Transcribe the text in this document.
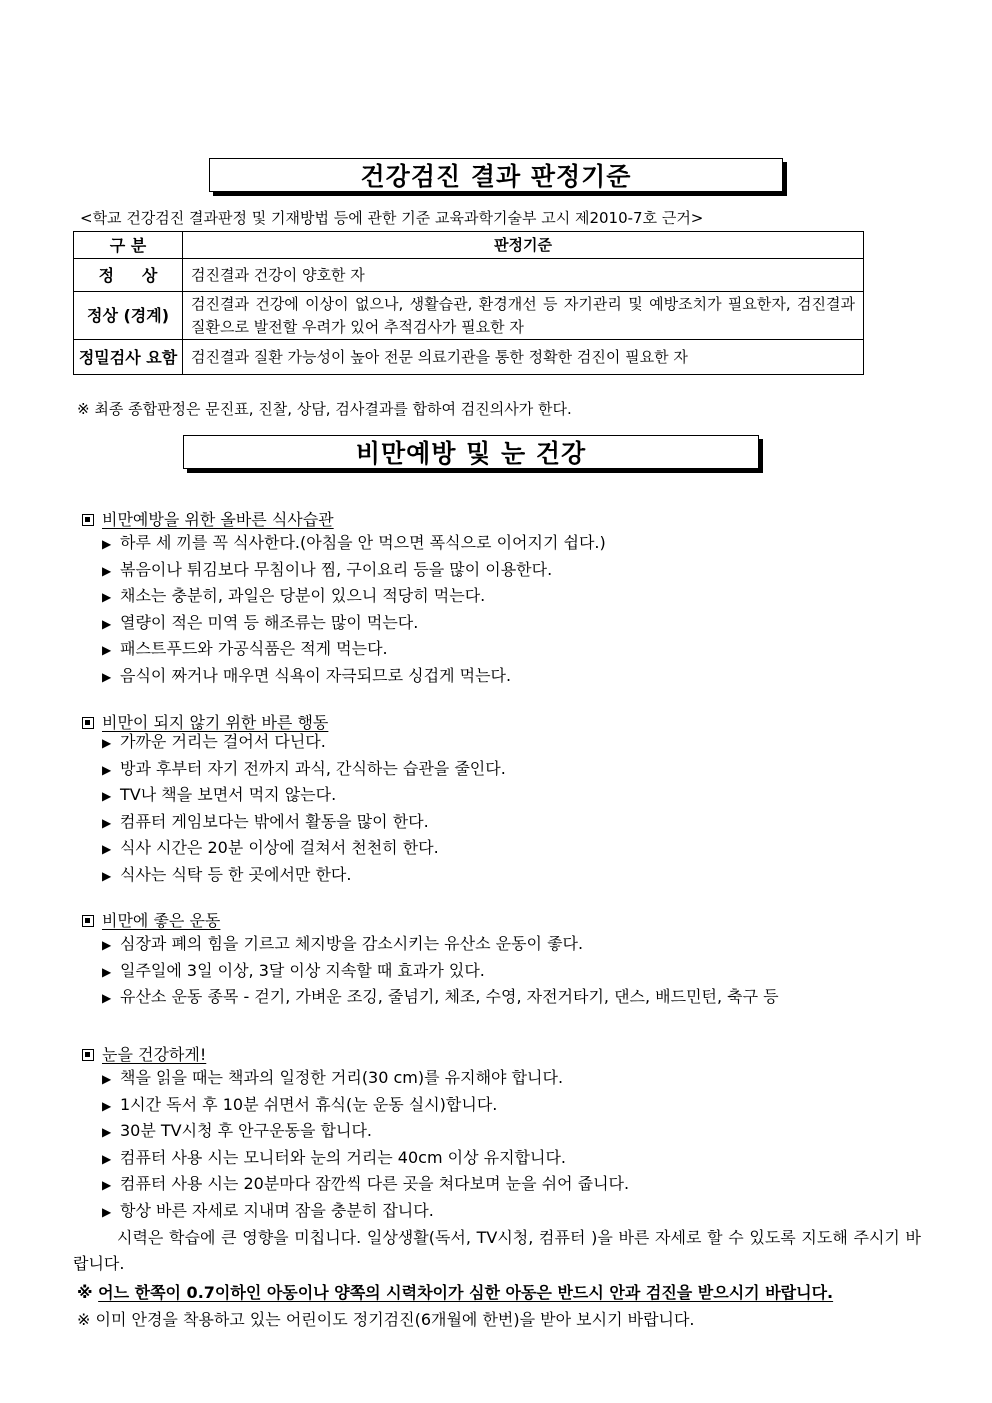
건강검진 결과 판정기준
<학교 건강검진 결과판정 및 기재방법 등에 관한 기준 교육과학기술부 고시 제2010-7호 근거>
구 분	판정기준
정     상	검진결과 건강이 양호한 자
정상 (경계)	검진결과 건강에 이상이 없으나, 생활습관, 환경개선 등 자기관리 및 예방조치가 필요한자, 검진결과 질환으로 발전할 우려가 있어 추적검사가 필요한 자
정밀검사 요함	검진결과 질환 가능성이 높아 전문 의료기관을 통한 정확한 검진이 필요한 자
※ 최종 종합판정은 문진표, 진찰, 상담, 검사결과를 합하여 검진의사가 한다.
비만예방 및 눈 건강
비만예방을 위한 올바른 식사습관
▶ 하루 세 끼를 꼭 식사한다.(아침을 안 먹으면 폭식으로 이어지기 쉽다.)
▶ 볶음이나 튀김보다 무침이나 찜, 구이요리 등을 많이 이용한다.
▶ 채소는 충분히, 과일은 당분이 있으니 적당히 먹는다.
▶ 열량이 적은 미역 등 해조류는 많이 먹는다.
▶ 패스트푸드와 가공식품은 적게 먹는다.
▶ 음식이 짜거나 매우면 식욕이 자극되므로 싱겁게 먹는다.
비만이 되지 않기 위한 바른 행동
▶ 가까운 거리는 걸어서 다닌다.
▶ 방과 후부터 자기 전까지 과식, 간식하는 습관을 줄인다.
▶ TV나 책을 보면서 먹지 않는다.
▶ 컴퓨터 게임보다는 밖에서 활동을 많이 한다.
▶ 식사 시간은 20분 이상에 걸쳐서 천천히 한다.
▶ 식사는 식탁 등 한 곳에서만 한다.
비만에 좋은 운동
▶ 심장과 폐의 힘을 기르고 체지방을 감소시키는 유산소 운동이 좋다.
▶ 일주일에 3일 이상, 3달 이상 지속할 때 효과가 있다.
▶ 유산소 운동 종목 - 걷기, 가벼운 조깅, 줄넘기, 체조, 수영, 자전거타기, 댄스, 배드민턴, 축구 등
눈을 건강하게!
▶ 책을 읽을 때는 책과의 일정한 거리(30 cm)를 유지해야 합니다.
▶ 1시간 독서 후 10분 쉬면서 휴식(눈 운동 실시)합니다.
▶ 30분 TV시청 후 안구운동을 합니다.
▶ 컴퓨터 사용 시는 모니터와 눈의 거리는 40cm 이상 유지합니다.
▶ 컴퓨터 사용 시는 20분마다 잠깐씩 다른 곳을 쳐다보며 눈을 쉬어 줍니다.
▶ 항상 바른 자세로 지내며 잠을 충분히 잡니다.
시력은 학습에 큰 영향을 미칩니다. 일상생활(독서, TV시청, 컴퓨터 )을 바른 자세로 할 수 있도록 지도해 주시기 바랍니다.
※ 어느 한쪽이 0.7이하인 아동이나 양쪽의 시력차이가 심한 아동은 반드시 안과 검진을 받으시기 바랍니다.
※ 이미 안경을 착용하고 있는 어린이도 정기검진(6개월에 한번)을 받아 보시기 바랍니다.
